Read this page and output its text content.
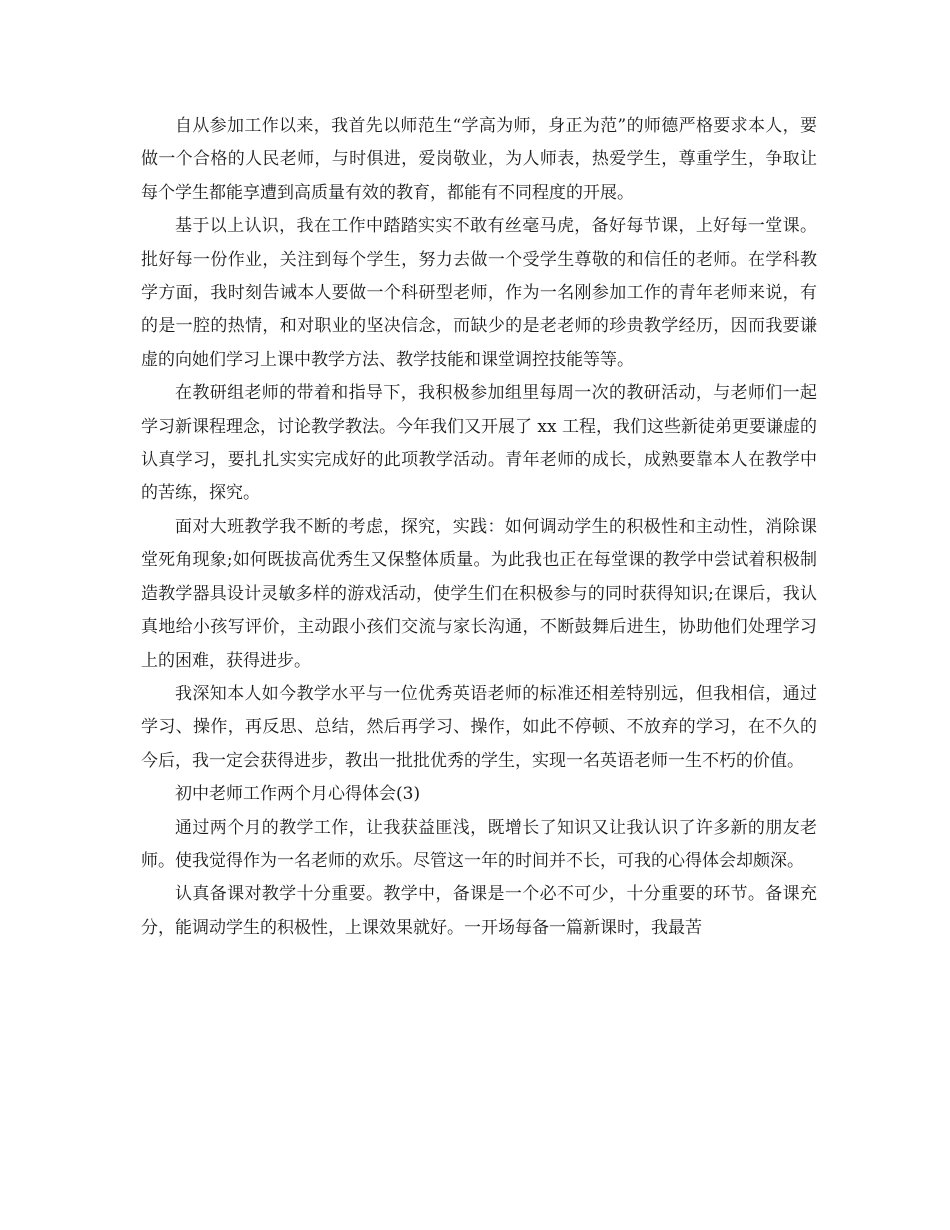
自从参加工作以来，我首先以师范生“学高为师，身正为范”的师德严格要求本人，要做一个合格的人民老师，与时俱进，爱岗敬业，为人师表，热爱学生，尊重学生，争取让每个学生都能享遭到高质量有效的教育，都能有不同程度的开展。

基于以上认识，我在工作中踏踏实实不敢有丝毫马虎，备好每节课，上好每一堂课。批好每一份作业，关注到每个学生，努力去做一个受学生尊敬的和信任的老师。在学科教学方面，我时刻告诫本人要做一个科研型老师，作为一名刚参加工作的青年老师来说，有的是一腔的热情，和对职业的坚决信念，而缺少的是老老师的珍贵教学经历，因而我要谦虚的向她们学习上课中教学方法、教学技能和课堂调控技能等等。

在教研组老师的带着和指导下，我积极参加组里每周一次的教研活动，与老师们一起学习新课程理念，讨论教学教法。今年我们又开展了 xx 工程，我们这些新徒弟更要谦虚的认真学习，要扎扎实实完成好的此项教学活动。青年老师的成长，成熟要靠本人在教学中的苦练，探究。

面对大班教学我不断的考虑，探究，实践：如何调动学生的积极性和主动性，消除课堂死角现象;如何既拔高优秀生又保整体质量。为此我也正在每堂课的教学中尝试着积极制造教学器具设计灵敏多样的游戏活动，使学生们在积极参与的同时获得知识;在课后，我认真地给小孩写评价，主动跟小孩们交流与家长沟通，不断鼓舞后进生，协助他们处理学习上的困难，获得进步。

我深知本人如今教学水平与一位优秀英语老师的标准还相差特别远，但我相信，通过学习、操作，再反思、总结，然后再学习、操作，如此不停顿、不放弃的学习，在不久的今后，我一定会获得进步，教出一批批优秀的学生，实现一名英语老师一生不朽的价值。

初中老师工作两个月心得体会(3)

通过两个月的教学工作，让我获益匪浅，既增长了知识又让我认识了许多新的朋友老师。使我觉得作为一名老师的欢乐。尽管这一年的时间并不长，可我的心得体会却颇深。

认真备课对教学十分重要。教学中，备课是一个必不可少，十分重要的环节。备课充分，能调动学生的积极性，上课效果就好。一开场每备一篇新课时，我最苦
